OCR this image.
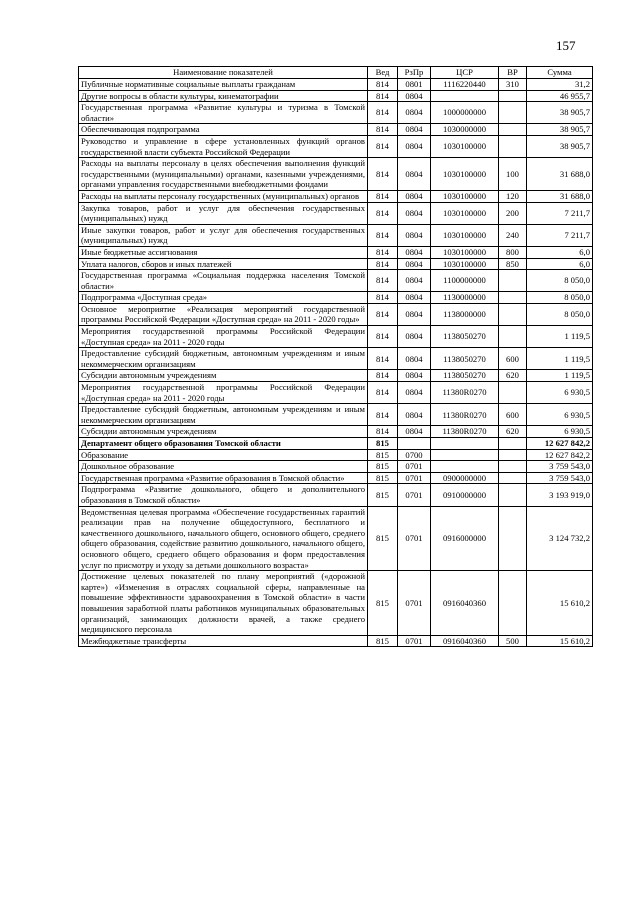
157
Наименование показателей	Вед	РзПр	ЦСР	ВР	Сумма
Публичные нормативные социальные выплаты гражданам	814	0801	1116220440	310	31,2
Другие вопросы в области культуры, кинематографии	814	0804			46 955,7
Государственная программа «Развитие культуры и туризма в Томской области»	814	0804	1000000000		38 905,7
Обеспечивающая подпрограмма	814	0804	1030000000		38 905,7
Руководство и управление в сфере установленных функций органов государственной власти субъекта Российской Федерации	814	0804	1030100000		38 905,7
Расходы на выплаты персоналу в целях обеспечения выполнения функций государственными (муниципальными) органами, казенными учреждениями, органами управления государственными внебюджетными фондами	814	0804	1030100000	100	31 688,0
Расходы на выплаты персоналу государственных (муниципальных) органов	814	0804	1030100000	120	31 688,0
Закупка товаров, работ и услуг для обеспечения государственных (муниципальных) нужд	814	0804	1030100000	200	7 211,7
Иные закупки товаров, работ и услуг для обеспечения государственных (муниципальных) нужд	814	0804	1030100000	240	7 211,7
Иные бюджетные ассигнования	814	0804	1030100000	800	6,0
Уплата налогов, сборов и иных платежей	814	0804	1030100000	850	6,0
Государственная программа «Социальная поддержка населения Томской области»	814	0804	1100000000		8 050,0
Подпрограмма «Доступная среда»	814	0804	1130000000		8 050,0
Основное мероприятие «Реализация мероприятий государственной программы Российской Федерации «Доступная среда» на 2011 - 2020 годы»	814	0804	1138000000		8 050,0
Мероприятия государственной программы Российской Федерации «Доступная среда» на 2011 - 2020 годы	814	0804	1138050270		1 119,5
Предоставление субсидий бюджетным, автономным учреждениям и иным некоммерческим организациям	814	0804	1138050270	600	1 119,5
Субсидии автономным учреждениям	814	0804	1138050270	620	1 119,5
Мероприятия государственной программы Российской Федерации «Доступная среда» на 2011 - 2020 годы	814	0804	11380R0270		6 930,5
Предоставление субсидий бюджетным, автономным учреждениям и иным некоммерческим организациям	814	0804	11380R0270	600	6 930,5
Субсидии автономным учреждениям	814	0804	11380R0270	620	6 930,5
Департамент общего образования Томской области	815				12 627 842,2
Образование	815	0700			12 627 842,2
Дошкольное образование	815	0701			3 759 543,0
Государственная программа «Развитие образования в Томской области»	815	0701	0900000000		3 759 543,0
Подпрограмма «Развитие дошкольного, общего и дополнительного образования в Томской области»	815	0701	0910000000		3 193 919,0
Ведомственная целевая программа «Обеспечение государственных гарантий реализации прав на получение общедоступного, бесплатного и качественного дошкольного, начального общего, основного общего, среднего общего образования, содействие развитию дошкольного, начального общего, основного общего, среднего общего образования и форм предоставления услуг по присмотру и уходу за детьми дошкольного возраста»	815	0701	0916000000		3 124 732,2
Достижение целевых показателей по плану мероприятий («дорожной карте») «Изменения в отраслях социальной сферы, направленные на повышение эффективности здравоохранения в Томской области» в части повышения заработной платы работников муниципальных образовательных организаций, занимающих должности врачей, а также среднего медицинского персонала	815	0701	0916040360		15 610,2
Межбюджетные трансферты	815	0701	0916040360	500	15 610,2
